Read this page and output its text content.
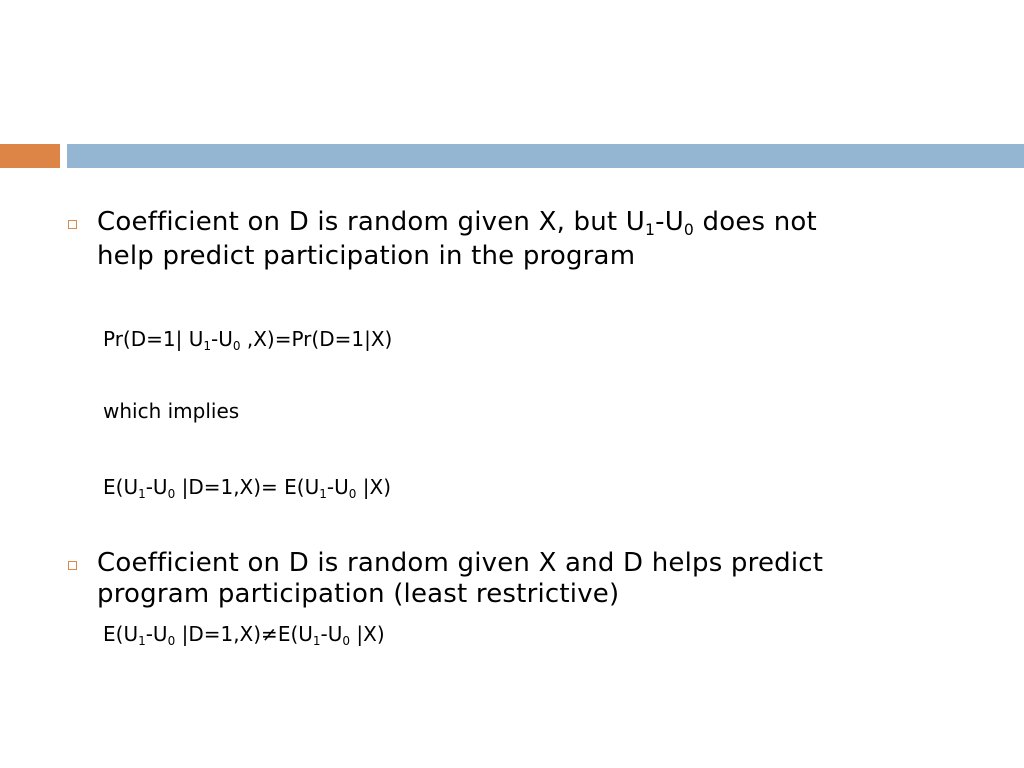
Coefficient on D is random given X, but U1-U0 does not
help predict participation in the program
Pr(D=1| U1-U0 ,X)=Pr(D=1|X)
which implies
E(U1-U0 |D=1,X)= E(U1-U0 |X)
Coefficient on D is random given X and D helps predict
program participation (least restrictive)
E(U1-U0 |D=1,X)≠E(U1-U0 |X)
